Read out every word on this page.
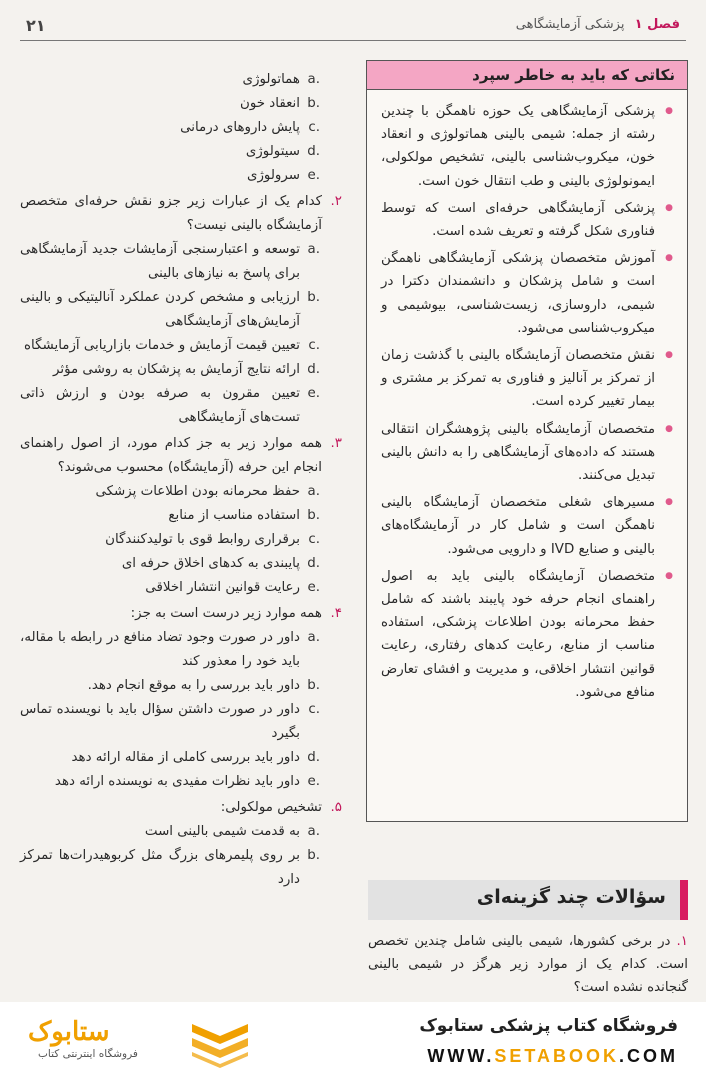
۲۱	فصل ۱ پزشکی آزمایشگاهی
نکاتی که باید به خاطر سپرد
● پزشکی آزمایشگاهی یک حوزه ناهمگن با چندین رشته از جمله: شیمی بالینی هماتولوژی و انعقاد خون، میکروب‌شناسی بالینی، تشخیص مولکولی، ایمونولوژی بالینی و طب انتقال خون است.
● پزشکی آزمایشگاهی حرفه‌ای است که توسط فناوری شکل گرفته و تعریف شده است.
● آموزش متخصصان پزشکی آزمایشگاهی ناهمگن است و شامل پزشکان و دانشمندان دکترا در شیمی، داروسازی، زیست‌شناسی، بیوشیمی و میکروب‌شناسی می‌شود.
● نقش متخصصان آزمایشگاه بالینی با گذشت زمان از تمرکز بر آنالیز و فناوری به تمرکز بر مشتری و بیمار تغییر کرده است.
● متخصصان آزمایشگاه بالینی پژوهشگران انتقالی هستند که داده‌های آزمایشگاهی را به دانش بالینی تبدیل می‌کنند.
● مسیرهای شغلی متخصصان آزمایشگاه بالینی ناهمگن است و شامل کار در آزمایشگاه‌های بالینی و صنایع IVD و دارویی می‌شود.
● متخصصان آزمایشگاه بالینی باید به اصول راهنمای انجام حرفه خود پایبند باشند که شامل حفظ محرمانه بودن اطلاعات پزشکی، استفاده مناسب از منابع، رعایت کدهای رفتاری، رعایت قوانین انتشار اخلاقی، و مدیریت و افشای تعارض منافع می‌شود.
سؤالات چند گزینه‌ای
۱.در برخی کشورها، شیمی بالینی شامل چندین تخصص است. کدام یک از موارد زیر هرگز در شیمی بالینی گنجانده نشده است؟
a.
هماتولوژی
b.
انعقاد خون
c.
پایش داروهای درمانی
d.
سیتولوژی
e.
سرولوژی
۲.
کدام یک از عبارات زیر جزو نقش حرفه‌ای متخصص آزمایشگاه بالینی نیست؟
a.
توسعه و اعتبارسنجی آزمایشات جدید آزمایشگاهی برای پاسخ به نیازهای بالینی
b.
ارزیابی و مشخص کردن عملکرد آنالیتیکی و بالینی آزمایش‌های آزمایشگاهی
c.
تعیین قیمت آزمایش و خدمات بازاریابی آزمایشگاه
d.
ارائه نتایج آزمایش به پزشکان به روشی مؤثر
e.
تعیین مقرون به صرفه بودن و ارزش ذاتی تست‌های آزمایشگاهی
۳.
همه موارد زیر به جز کدام مورد، از اصول راهنمای انجام این حرفه (آزمایشگاه) محسوب می‌شوند؟
a.
حفظ محرمانه بودن اطلاعات پزشکی
b.
استفاده مناسب از منابع
c.
برقراری روابط قوی با تولیدکنندگان
d.
پایبندی به کدهای اخلاق حرفه ای
e.
رعایت قوانین انتشار اخلاقی
۴.
همه موارد زیر درست است به جز:
a.
داور در صورت وجود تضاد منافع در رابطه با مقاله، باید خود را معذور کند
b.
داور باید بررسی را به موقع انجام دهد.
c.
داور در صورت داشتن سؤال باید با نویسنده تماس بگیرد
d.
داور باید بررسی کاملی از مقاله ارائه دهد
e.
داور باید نظرات مفیدی به نویسنده ارائه دهد
۵.
تشخیص مولکولی:
a.
به قدمت شیمی بالینی است
b.
بر روی پلیمرهای بزرگ مثل کربوهیدرات‌ها تمرکز دارد
ستابوک
فروشگاه اینترنتی کتاب
فروشگاه کتاب پزشکی ستابوک
WWW.SETABOOK.COM
